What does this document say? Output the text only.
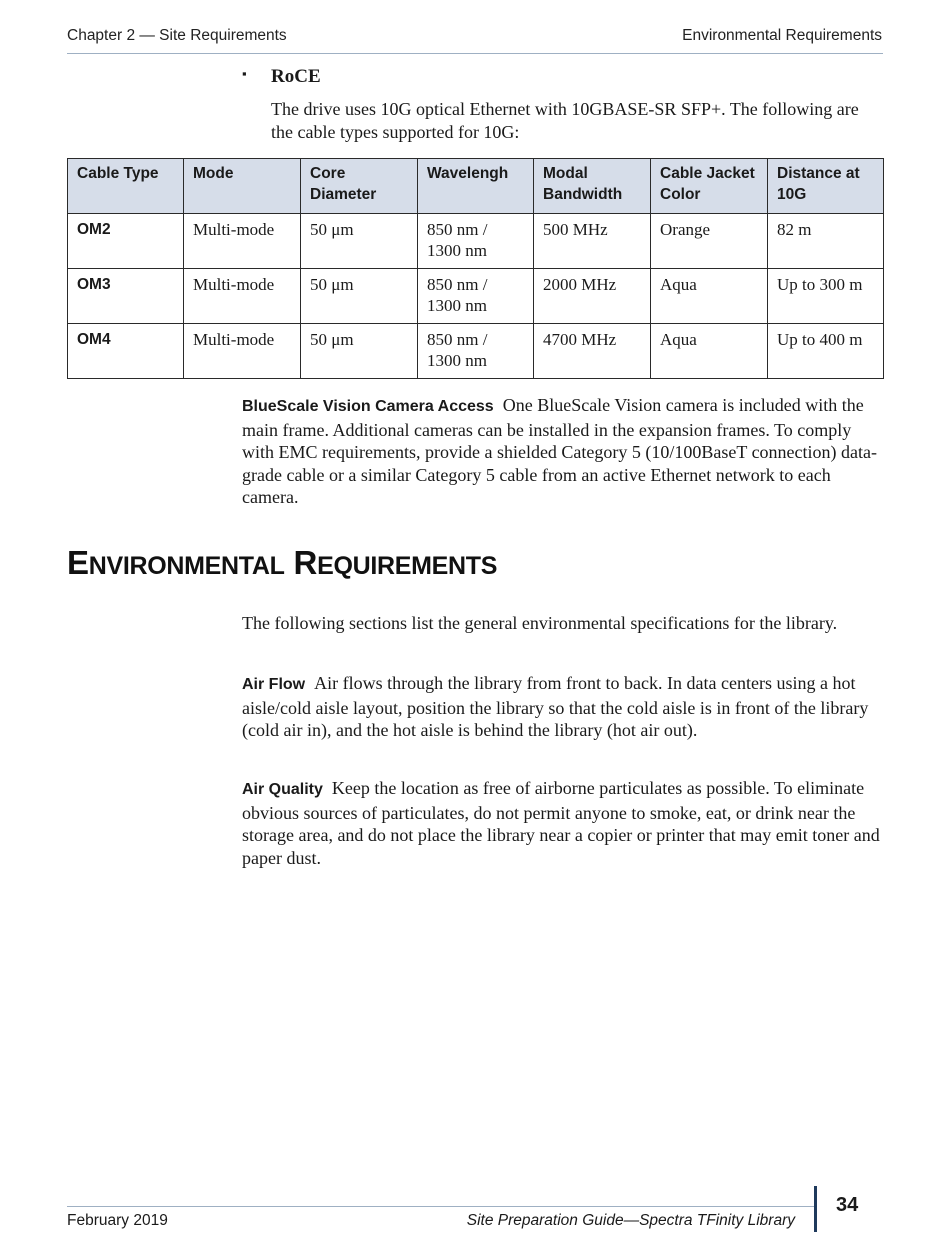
Chapter 2 — Site Requirements	Environmental Requirements
▪ RoCE
The drive uses 10G optical Ethernet with 10GBASE-SR SFP+. The following are the cable types supported for 10G:
Cable Type	Mode	Core Diameter	Wavelengh	Modal Bandwidth	Cable Jacket Color	Distance at 10G
OM2	Multi-mode	50 μm	850 nm / 1300 nm	500 MHz	Orange	82 m
OM3	Multi-mode	50 μm	850 nm / 1300 nm	2000 MHz	Aqua	Up to 300 m
OM4	Multi-mode	50 μm	850 nm / 1300 nm	4700 MHz	Aqua	Up to 400 m
BlueScale Vision Camera Access One BlueScale Vision camera is included with the main frame. Additional cameras can be installed in the expansion frames. To comply with EMC requirements, provide a shielded Category 5 (10/100BaseT connection) data-grade cable or a similar Category 5 cable from an active Ethernet network to each camera.
ENVIRONMENTAL REQUIREMENTS
The following sections list the general environmental specifications for the library.
Air Flow Air flows through the library from front to back. In data centers using a hot aisle/cold aisle layout, position the library so that the cold aisle is in front of the library (cold air in), and the hot aisle is behind the library (hot air out).
Air Quality Keep the location as free of airborne particulates as possible. To eliminate obvious sources of particulates, do not permit anyone to smoke, eat, or drink near the storage area, and do not place the library near a copier or printer that may emit toner and paper dust.
February 2019	Site Preparation Guide—Spectra TFinity Library
34
